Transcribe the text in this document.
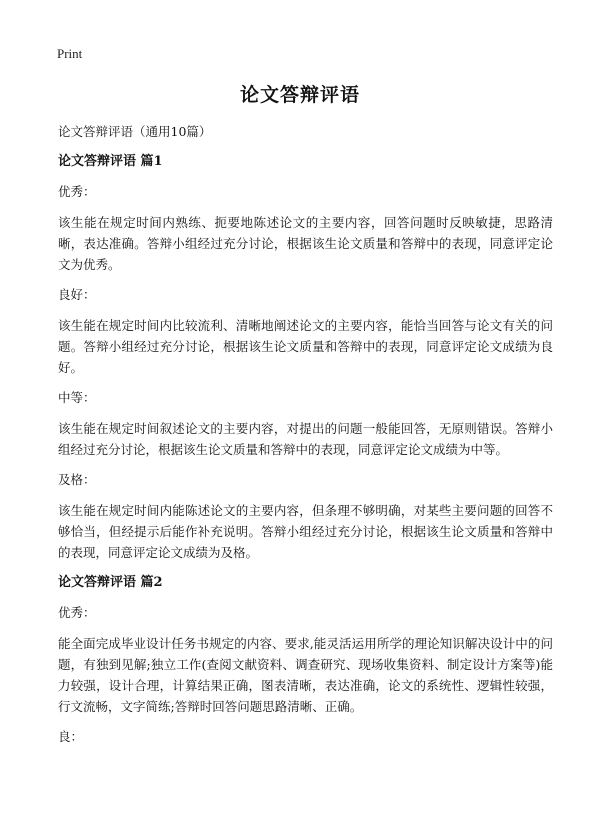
Print
论文答辩评语
论文答辩评语（通用10篇）
论文答辩评语 篇1
优秀：
该生能在规定时间内熟练、扼要地陈述论文的主要内容，回答问题时反映敏捷，思路清晰，表达准确。答辩小组经过充分讨论，根据该生论文质量和答辩中的表现，同意评定论文为优秀。
良好：
该生能在规定时间内比较流利、清晰地阐述论文的主要内容，能恰当回答与论文有关的问题。答辩小组经过充分讨论，根据该生论文质量和答辩中的表现，同意评定论文成绩为良好。
中等：
该生能在规定时间叙述论文的主要内容，对提出的问题一般能回答，无原则错误。答辩小组经过充分讨论，根据该生论文质量和答辩中的表现，同意评定论文成绩为中等。
及格：
该生能在规定时间内能陈述论文的主要内容，但条理不够明确，对某些主要问题的回答不够恰当，但经提示后能作补充说明。答辩小组经过充分讨论，根据该生论文质量和答辩中的表现，同意评定论文成绩为及格。
论文答辩评语 篇2
优秀：
能全面完成毕业设计任务书规定的内容、要求,能灵活运用所学的理论知识解决设计中的问题，有独到见解;独立工作(查阅文献资料、调查研究、现场收集资料、制定设计方案等)能力较强，设计合理，计算结果正确，图表清晰，表达准确，论文的系统性、逻辑性较强，行文流畅，文字简练;答辩时回答问题思路清晰、正确。
良：
